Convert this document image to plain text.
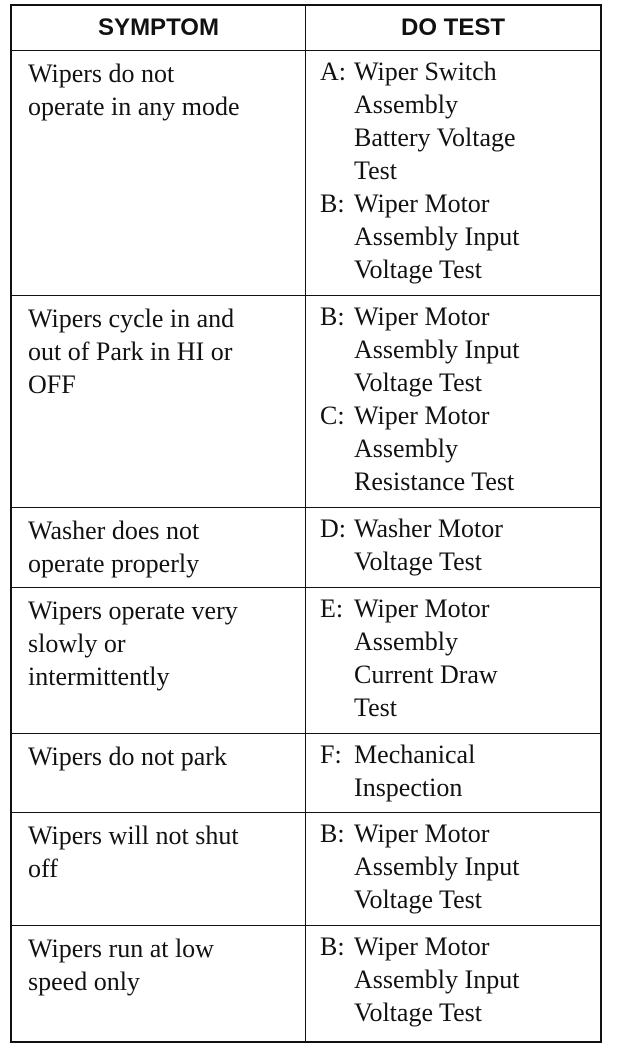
SYMPTOM	DO TEST
Wipers do not
operate in any mode
A: Wiper Switch
Assembly
Battery Voltage
Test
B: Wiper Motor
Assembly Input
Voltage Test
Wipers cycle in and
out of Park in HI or
OFF
B: Wiper Motor
Assembly Input
Voltage Test
C: Wiper Motor
Assembly
Resistance Test
Washer does not
operate properly
D: Washer Motor
Voltage Test
Wipers operate very
slowly or
intermittently
E: Wiper Motor
Assembly
Current Draw
Test
Wipers do not park	F: Mechanical
Inspection
Wipers will not shut
off
B: Wiper Motor
Assembly Input
Voltage Test
Wipers run at low
speed only
B: Wiper Motor
Assembly Input
Voltage Test
